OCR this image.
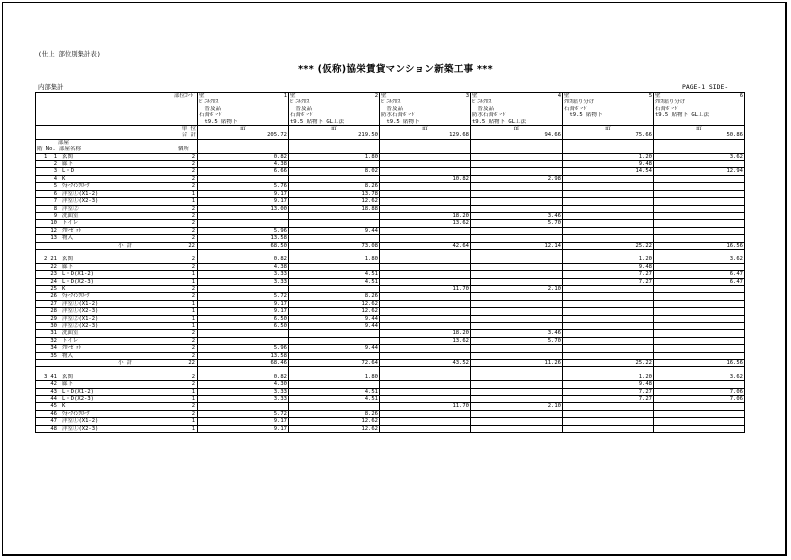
(仕上 部位別集計表)
*** (仮称)協栄賃貸マンション新築工事 ***
内部集計	PAGE-1 SIDE-
部位ｺｰﾄﾞ	壁 1	壁 2	壁 3	壁 4	壁 5	壁 6

	ﾋﾞﾆﾙｸﾛｽ	ﾋﾞﾆﾙｸﾛｽ	ﾋﾞﾆﾙｸﾛｽ	ﾋﾞﾆﾙｸﾛｽ	ｸﾛｽ貼り分け	ｸﾛｽ貼り分け
	　普及品	　普及品	　普及品	　普及品	石膏ﾎﾞｰﾄﾞ	石膏ﾎﾞｰﾄﾞ
	石膏ﾎﾞｰﾄﾞ	石膏ﾎﾞｰﾄﾞ	防水石膏ﾎﾞｰﾄﾞ	防水石膏ﾎﾞｰﾄﾞ	　t9.5 貼物下	t9.5 貼物下 GL工法
	　t9.5 貼物下	t9.5 貼物下 GL工法	　t9.5 貼物下	t9.5 貼物下 GL工法		
単 位	㎡	㎡	㎡	㎡	㎡	㎡
合 計	205.72	219.50	129.68	94.66	75.66	50.86
部屋						
階 No. 部屋名称 個所						

1 1 玄関 2	0.82	1.80			1.20	3.62

2 廊下 2	4.38				9.48	

3 L・D 2	6.66	8.02			14.54	12.94

4 K 2			10.82	2.98		

5 ｳｫｰｸｲﾝｸﾛｰｸ 2	5.76	8.26				

6 洋室①(X1-2) 1	9.17	13.78				

7 洋室①(X2-3) 1	9.17	12.62				

8 洋室② 2	13.00	18.88				

9 洗面室 2			18.20	3.46		

10 トイレ 2			13.62	5.70		

12 ｸﾛｰｾﾞｯﾄ 2	5.96	9.44				

13 物入 2	13.58					

小 計 22	68.50	73.08	42.64	12.14	25.22	16.56

2 21 玄関 2	0.82	1.80			1.20	3.62

22 廊下 2	4.38				9.48	

23 L・D(X1-2) 1	3.33	4.51			7.27	6.47

24 L・D(X2-3) 1	3.33	4.51			7.27	6.47

25 K 2			11.70	2.10		

26 ｳｫｰｸｲﾝｸﾛｰｸ 2	5.72	8.26				

27 洋室①(X1-2) 1	9.17	12.62				

28 洋室①(X2-3) 1	9.17	12.62				

29 洋室②(X1-2) 1	6.50	9.44				

30 洋室②(X2-3) 1	6.50	9.44				

31 洗面室 2			18.20	3.46		

32 トイレ 2			13.62	5.70		

34 ｸﾛｰｾﾞｯﾄ 2	5.96	9.44				

35 物入 2	13.58					

小 計 22	68.46	72.64	43.52	11.26	25.22	16.56

3 41 玄関 2	0.82	1.80			1.20	3.62

42 廊下 2	4.30				9.48	

43 L・D(X1-2) 1	3.33	4.51			7.27	7.06

44 L・D(X2-3) 1	3.33	4.51			7.27	7.06

45 K 2			11.70	2.10		

46 ｳｫｰｸｲﾝｸﾛｰｸ 2	5.72	8.26				

47 洋室①(X1-2) 1	9.17	12.62				

48 洋室①(X2-3) 1	9.17	12.62				
